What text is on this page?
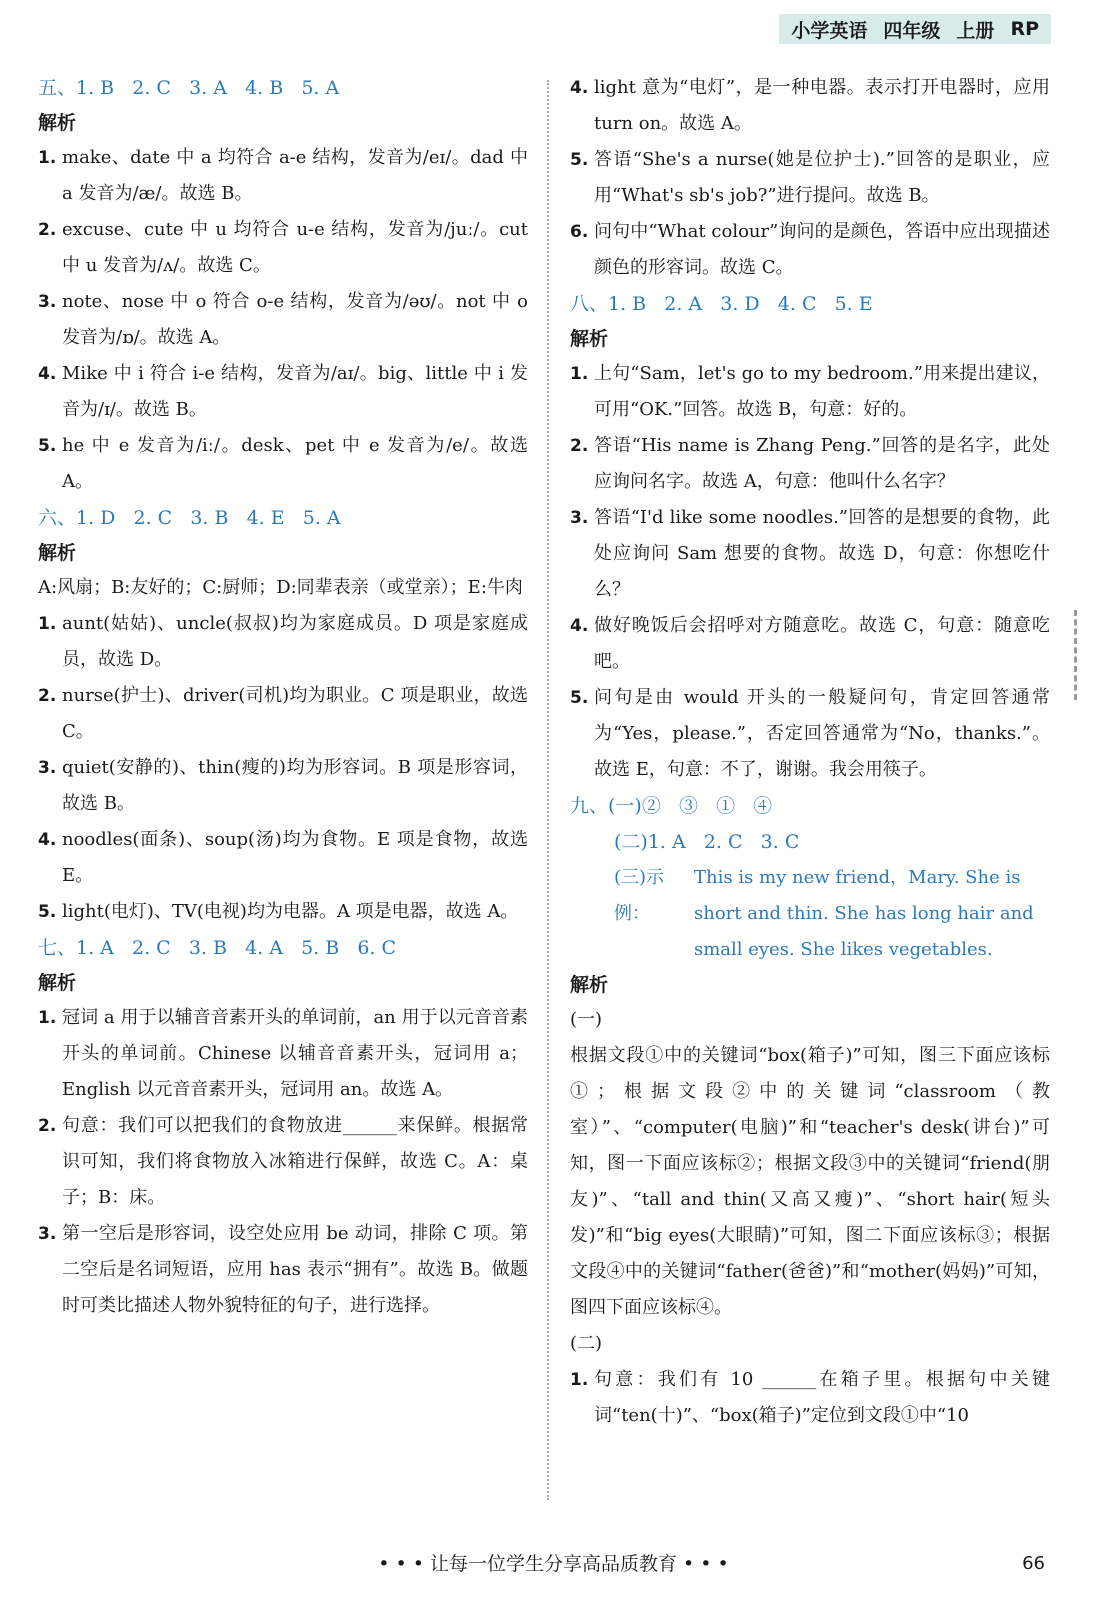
小学英语 四年级 上册 RP
五、1. B   2. C   3. A   4. B   5. A
解析
1. make、date 中 a 均符合 a-e 结构，发音为/eɪ/。dad 中 a 发音为/æ/。故选 B。
2. excuse、cute 中 u 均符合 u-e 结构，发音为/juː/。cut 中 u 发音为/ʌ/。故选 C。
3. note、nose 中 o 符合 o-e 结构，发音为/əʊ/。not 中 o 发音为/ɒ/。故选 A。
4. Mike 中 i 符合 i-e 结构，发音为/aɪ/。big、little 中 i 发音为/ɪ/。故选 B。
5. he 中 e 发音为/iː/。desk、pet 中 e 发音为/e/。故选 A。
六、1. D   2. C   3. B   4. E   5. A
解析
A:风扇；B:友好的；C:厨师；D:同辈表亲（或堂亲）；E:牛肉
1. aunt(姑姑)、uncle(叔叔)均为家庭成员。D 项是家庭成员，故选 D。
2. nurse(护士)、driver(司机)均为职业。C 项是职业，故选 C。
3. quiet(安静的)、thin(瘦的)均为形容词。B 项是形容词，故选 B。
4. noodles(面条)、soup(汤)均为食物。E 项是食物，故选 E。
5. light(电灯)、TV(电视)均为电器。A 项是电器，故选 A。
七、1. A   2. C   3. B   4. A   5. B   6. C
解析
1. 冠词 a 用于以辅音音素开头的单词前，an 用于以元音音素开头的单词前。Chinese 以辅音音素开头，冠词用 a；English 以元音音素开头，冠词用 an。故选 A。
2. 句意：我们可以把我们的食物放进______来保鲜。根据常识可知，我们将食物放入冰箱进行保鲜，故选 C。A：桌子；B：床。
3. 第一空后是形容词，设空处应用 be 动词，排除 C 项。第二空后是名词短语，应用 has 表示“拥有”。故选 B。做题时可类比描述人物外貌特征的句子，进行选择。
4. light 意为“电灯”，是一种电器。表示打开电器时，应用 turn on。故选 A。
5. 答语“She's a nurse(她是位护士).”回答的是职业，应用“What's sb's job?”进行提问。故选 B。
6. 问句中“What colour”询问的是颜色，答语中应出现描述颜色的形容词。故选 C。
八、1. B   2. A   3. D   4. C   5. E
解析
1. 上句“Sam，let's go to my bedroom.”用来提出建议，可用“OK.”回答。故选 B，句意：好的。
2. 答语“His name is Zhang Peng.”回答的是名字，此处应询问名字。故选 A，句意：他叫什么名字？
3. 答语“I'd like some noodles.”回答的是想要的食物，此处应询问 Sam 想要的食物。故选 D，句意：你想吃什么？
4. 做好晚饭后会招呼对方随意吃。故选 C，句意：随意吃吧。
5. 问句是由 would 开头的一般疑问句，肯定回答通常为“Yes，please.”，否定回答通常为“No，thanks.”。故选 E，句意：不了，谢谢。我会用筷子。
九、(一)②   ③   ①   ④
(二)1. A   2. C   3. C
(三)示例：
This is my new friend，Mary. She is short and thin. She has long hair and small eyes. She likes vegetables.
解析
(一)
根据文段①中的关键词“box(箱子)”可知，图三下面应该标①；根据文段②中的关键词“classroom（教室）”、“computer(电脑)”和“teacher's desk(讲台)”可知，图一下面应该标②；根据文段③中的关键词“friend(朋友)”、“tall and thin(又高又瘦)”、“short hair(短头发)”和“big eyes(大眼睛)”可知，图二下面应该标③；根据文段④中的关键词“father(爸爸)”和“mother(妈妈)”可知，图四下面应该标④。
(二)
1. 句意：我们有 10 ______在箱子里。根据句中关键词“ten(十)”、“box(箱子)”定位到文段①中“10
• • • 让每一位学生分享高品质教育 • • •	66
